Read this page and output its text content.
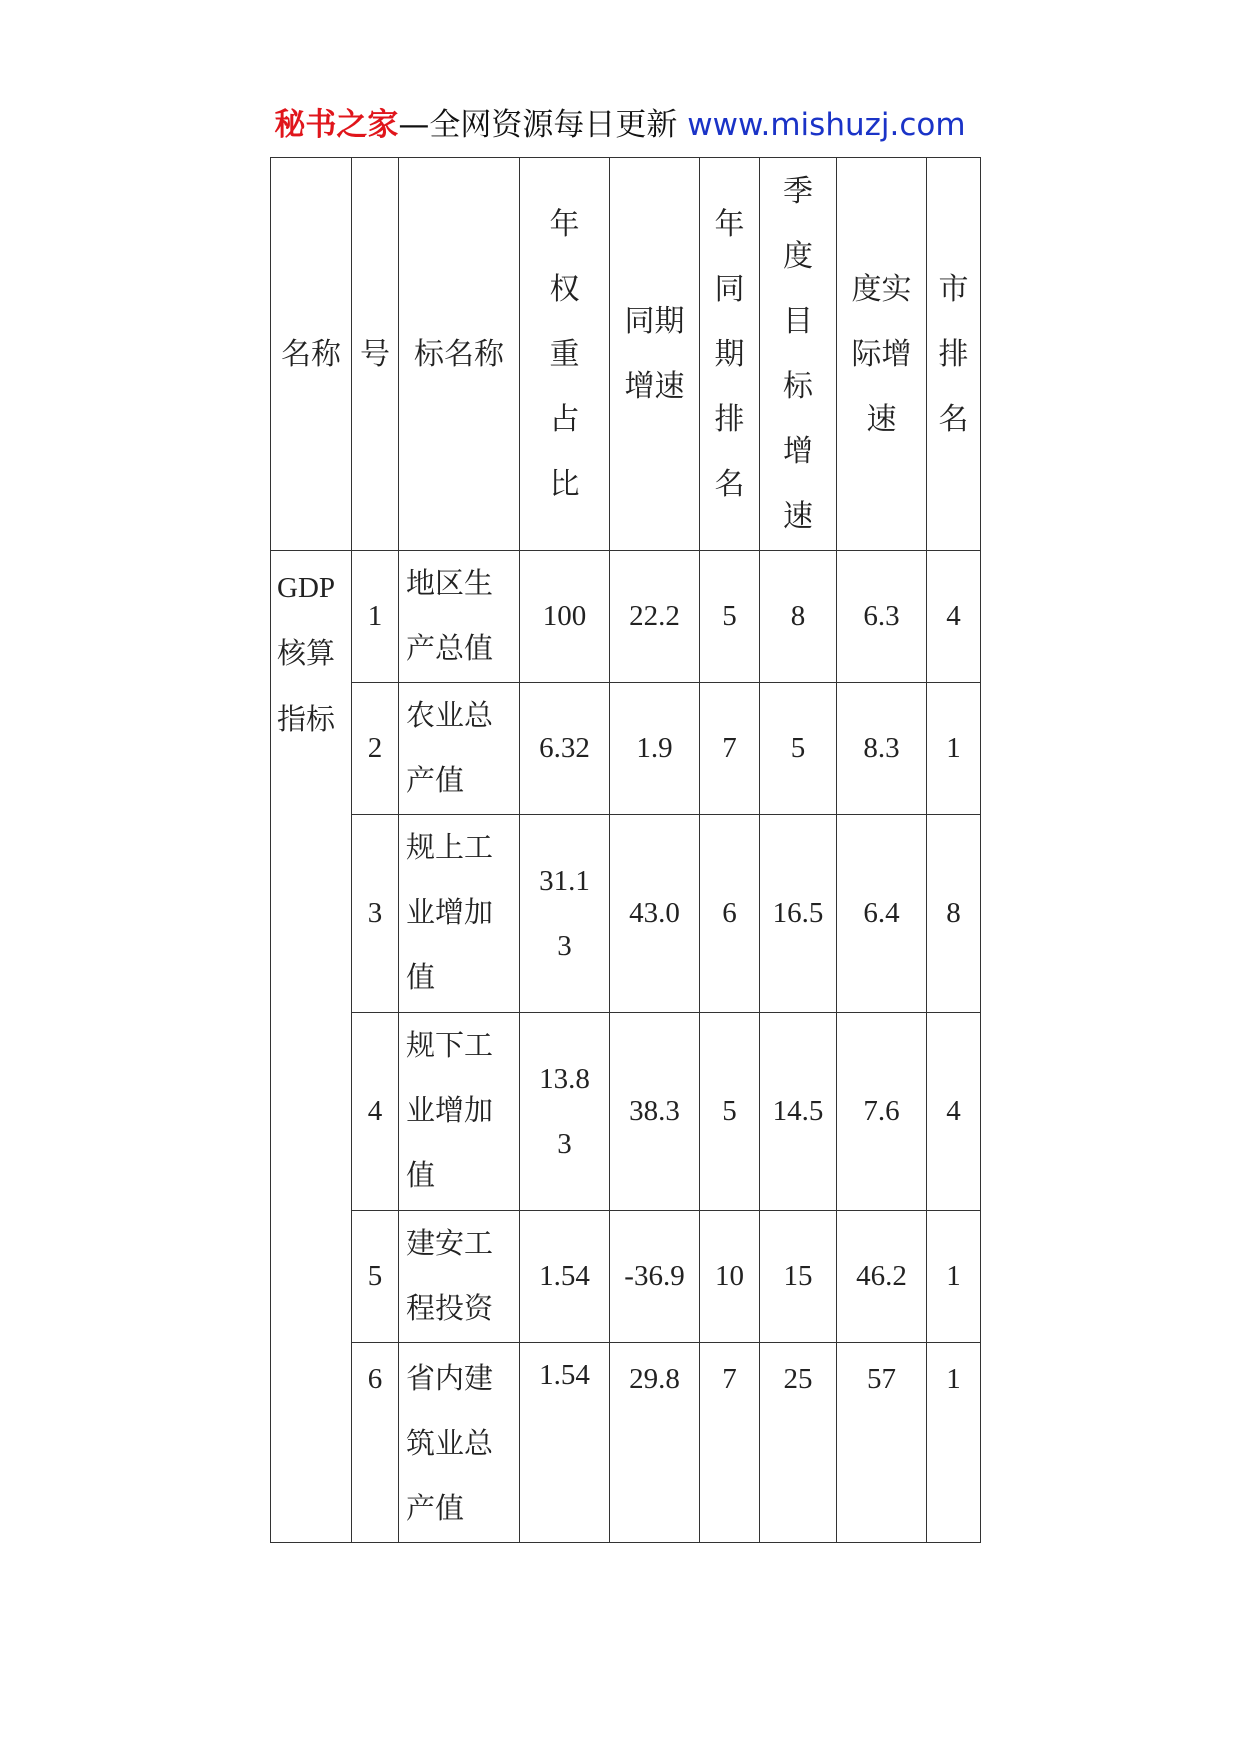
秘书之家—全网资源每日更新 www.mishuzj.com
名称	号	标名称	年权重占比	同期增速	年同期排名	季度目标增速	度实际增速	市排名
GDP核算指标	1	地区生产总值	100	22.2	5	8	6.3	4
	2	农业总产值	6.32	1.9	7	5	8.3	1
	3	规上工业增加值	31.13	43.0	6	16.5	6.4	8
	4	规下工业增加值	13.83	38.3	5	14.5	7.6	4
	5	建安工程投资	1.54	-36.9	10	15	46.2	1
	6	省内建筑业总产值	1.54	29.8	7	25	57	1
